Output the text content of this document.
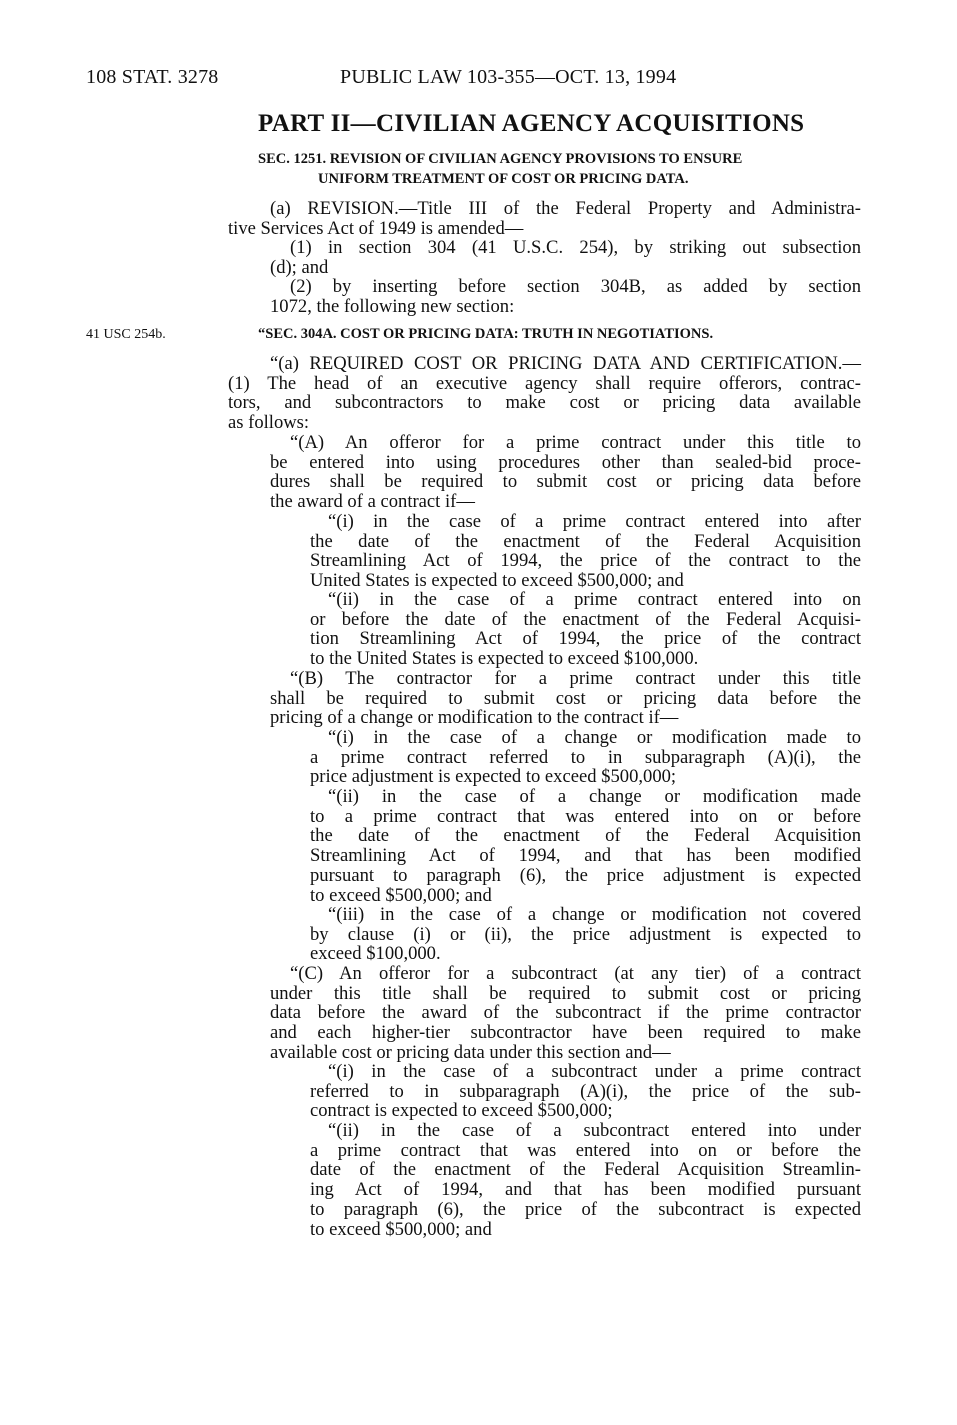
108 STAT. 3278	PUBLIC LAW 103-355—OCT. 13, 1994
PART II—CIVILIAN AGENCY ACQUISITIONS
SEC. 1251. REVISION OF CIVILIAN AGENCY PROVISIONS TO ENSURE
UNIFORM TREATMENT OF COST OR PRICING DATA.
41 USC 254b.	“SEC. 304A. COST OR PRICING DATA: TRUTH IN NEGOTIATIONS.
(a) REVISION.—Title III of the Federal Property and Administra-
tive Services Act of 1949 is amended—
(1) in section 304 (41 U.S.C. 254), by striking out subsection
(d); and
(2) by inserting before section 304B, as added by section
1072, the following new section:
“(a) REQUIRED COST OR PRICING DATA AND CERTIFICATION.—
(1) The head of an executive agency shall require offerors, contrac-
tors, and subcontractors to make cost or pricing data available
as follows:
“(A) An offeror for a prime contract under this title to
be entered into using procedures other than sealed-bid proce-
dures shall be required to submit cost or pricing data before
the award of a contract if—
“(i) in the case of a prime contract entered into after
the date of the enactment of the Federal Acquisition
Streamlining Act of 1994, the price of the contract to the
United States is expected to exceed $500,000; and
“(ii) in the case of a prime contract entered into on
or before the date of the enactment of the Federal Acquisi-
tion Streamlining Act of 1994, the price of the contract
to the United States is expected to exceed $100,000.
“(B) The contractor for a prime contract under this title
shall be required to submit cost or pricing data before the
pricing of a change or modification to the contract if—
“(i) in the case of a change or modification made to
a prime contract referred to in subparagraph (A)(i), the
price adjustment is expected to exceed $500,000;
“(ii) in the case of a change or modification made
to a prime contract that was entered into on or before
the date of the enactment of the Federal Acquisition
Streamlining Act of 1994, and that has been modified
pursuant to paragraph (6), the price adjustment is expected
to exceed $500,000; and
“(iii) in the case of a change or modification not covered
by clause (i) or (ii), the price adjustment is expected to
exceed $100,000.
“(C) An offeror for a subcontract (at any tier) of a contract
under this title shall be required to submit cost or pricing
data before the award of the subcontract if the prime contractor
and each higher-tier subcontractor have been required to make
available cost or pricing data under this section and—
“(i) in the case of a subcontract under a prime contract
referred to in subparagraph (A)(i), the price of the sub-
contract is expected to exceed $500,000;
“(ii) in the case of a subcontract entered into under
a prime contract that was entered into on or before the
date of the enactment of the Federal Acquisition Streamlin-
ing Act of 1994, and that has been modified pursuant
to paragraph (6), the price of the subcontract is expected
to exceed $500,000; and
